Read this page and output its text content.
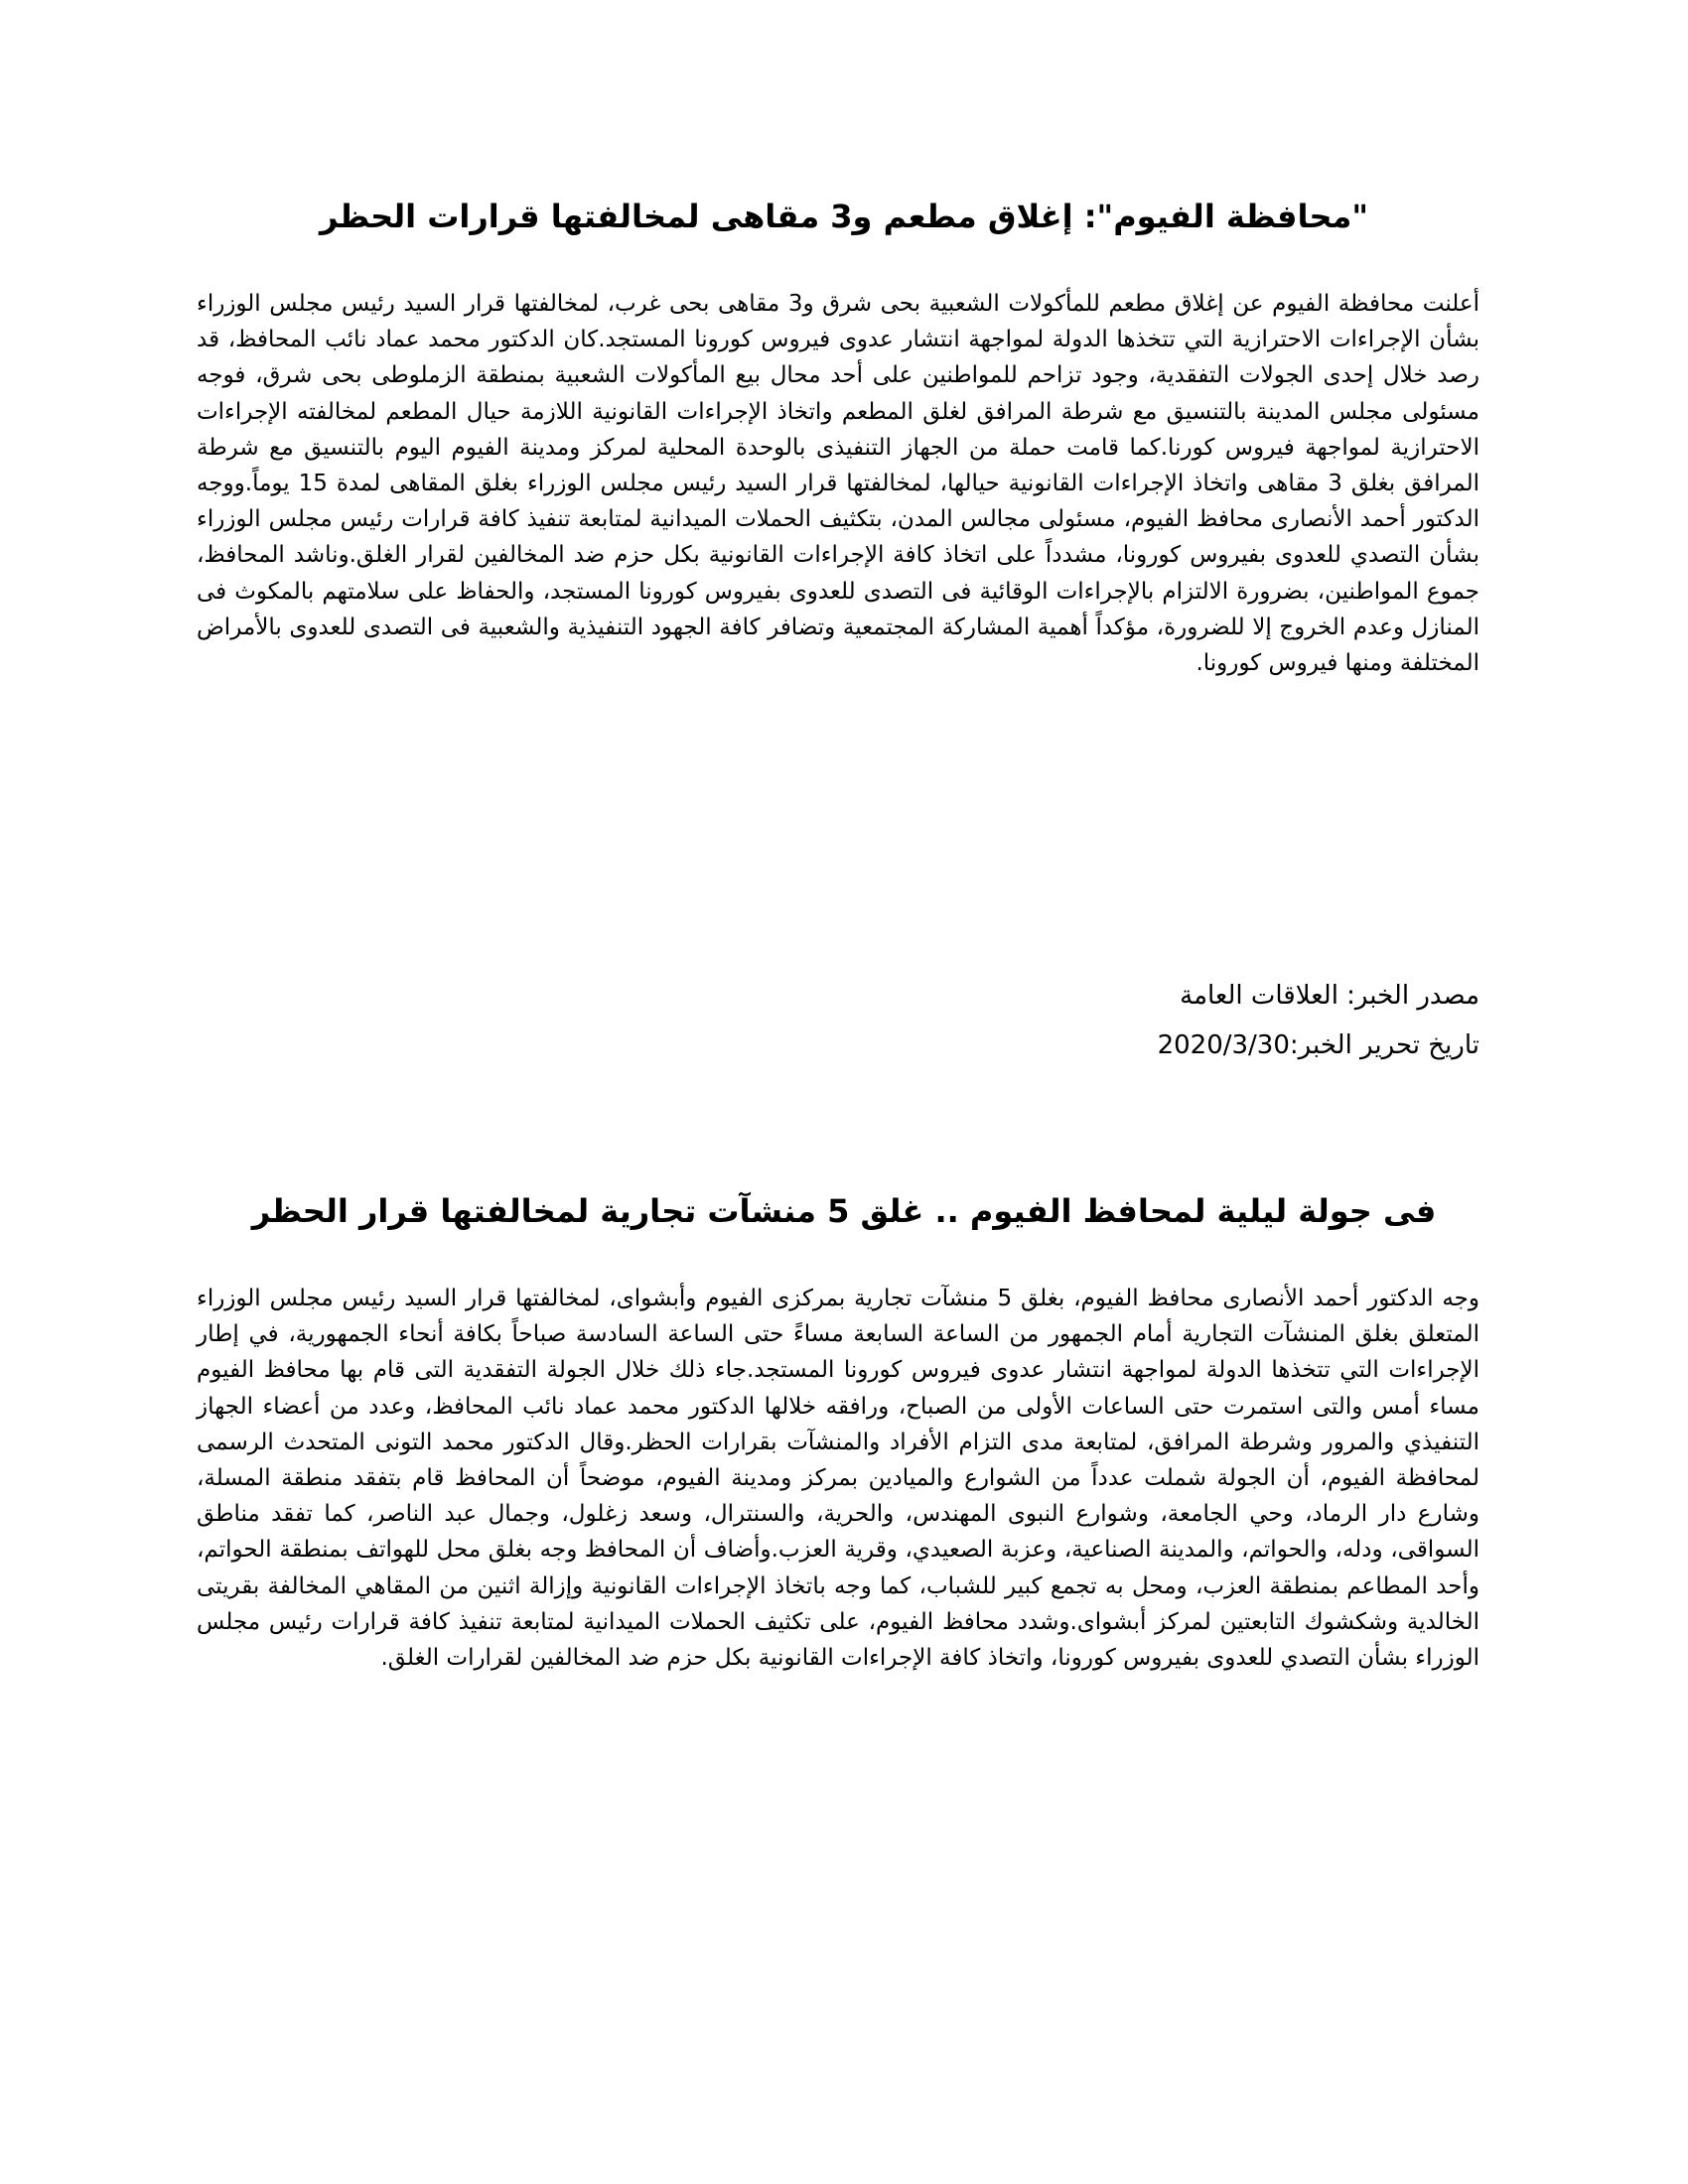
"محافظة الفيوم": إغلاق مطعم و3 مقاهى لمخالفتها قرارات الحظر

أعلنت محافظة الفيوم عن إغلاق مطعم للمأكولات الشعبية بحى شرق و3 مقاهى بحى غرب، لمخالفتها قرار السيد رئيس مجلس الوزراء بشأن الإجراءات الاحترازية التي تتخذها الدولة لمواجهة انتشار عدوى فيروس كورونا المستجد.كان الدكتور محمد عماد نائب المحافظ، قد رصد خلال إحدى الجولات التفقدية، وجود تزاحم للمواطنين على أحد محال بيع المأكولات الشعبية بمنطقة الزملوطى بحى شرق، فوجه مسئولى مجلس المدينة بالتنسيق مع شرطة المرافق لغلق المطعم واتخاذ الإجراءات القانونية اللازمة حيال المطعم لمخالفته الإجراءات الاحترازية لمواجهة فيروس كورنا.كما قامت حملة من الجهاز التنفيذى بالوحدة المحلية لمركز ومدينة الفيوم اليوم بالتنسيق مع شرطة المرافق بغلق 3 مقاهى واتخاذ الإجراءات القانونية حيالها، لمخالفتها قرار السيد رئيس مجلس الوزراء بغلق المقاهى لمدة 15 يوماً.ووجه الدكتور أحمد الأنصارى محافظ الفيوم، مسئولى مجالس المدن، بتكثيف الحملات الميدانية لمتابعة تنفيذ كافة قرارات رئيس مجلس الوزراء بشأن التصدي للعدوى بفيروس كورونا، مشدداً على اتخاذ كافة الإجراءات القانونية بكل حزم ضد المخالفين لقرار الغلق.وناشد المحافظ، جموع المواطنين، بضرورة الالتزام بالإجراءات الوقائية فى التصدى للعدوى بفيروس كورونا المستجد، والحفاظ على سلامتهم بالمكوث فى المنازل وعدم الخروج إلا للضرورة، مؤكداً أهمية المشاركة المجتمعية وتضافر كافة الجهود التنفيذية والشعبية فى التصدى للعدوى بالأمراض المختلفة ومنها فيروس كورونا.

مصدر الخبر: العلاقات العامة

تاريخ تحرير الخبر:2020/3/30

فى جولة ليلية لمحافظ الفيوم .. غلق 5 منشآت تجارية لمخالفتها قرار الحظر

وجه الدكتور أحمد الأنصارى محافظ الفيوم، بغلق 5 منشآت تجارية بمركزى الفيوم وأبشواى، لمخالفتها قرار السيد رئيس مجلس الوزراء المتعلق بغلق المنشآت التجارية أمام الجمهور من الساعة السابعة مساءً حتى الساعة السادسة صباحاً بكافة أنحاء الجمهورية، في إطار الإجراءات التي تتخذها الدولة لمواجهة انتشار عدوى فيروس كورونا المستجد.جاء ذلك خلال الجولة التفقدية التى قام بها محافظ الفيوم مساء أمس والتى استمرت حتى الساعات الأولى من الصباح، ورافقه خلالها الدكتور محمد عماد نائب المحافظ، وعدد من أعضاء الجهاز التنفيذي والمرور وشرطة المرافق، لمتابعة مدى التزام الأفراد والمنشآت بقرارات الحظر.وقال الدكتور محمد التونى المتحدث الرسمى لمحافظة الفيوم، أن الجولة شملت عدداً من الشوارع والميادين بمركز ومدينة الفيوم، موضحاً أن المحافظ قام بتفقد منطقة المسلة، وشارع دار الرماد، وحي الجامعة، وشوارع النبوى المهندس، والحرية، والسنترال، وسعد زغلول، وجمال عبد الناصر، كما تفقد مناطق السواقى، ودله، والحواتم، والمدينة الصناعية، وعزبة الصعيدي، وقرية العزب.وأضاف أن المحافظ وجه بغلق محل للهواتف بمنطقة الحواتم، وأحد المطاعم بمنطقة العزب، ومحل به تجمع كبير للشباب، كما وجه باتخاذ الإجراءات القانونية وإزالة اثنين من المقاهي المخالفة بقريتى الخالدية وشكشوك التابعتين لمركز أبشواى.وشدد محافظ الفيوم، على تكثيف الحملات الميدانية لمتابعة تنفيذ كافة قرارات رئيس مجلس الوزراء بشأن التصدي للعدوى بفيروس كورونا، واتخاذ كافة الإجراءات القانونية بكل حزم ضد المخالفين لقرارات الغلق.
